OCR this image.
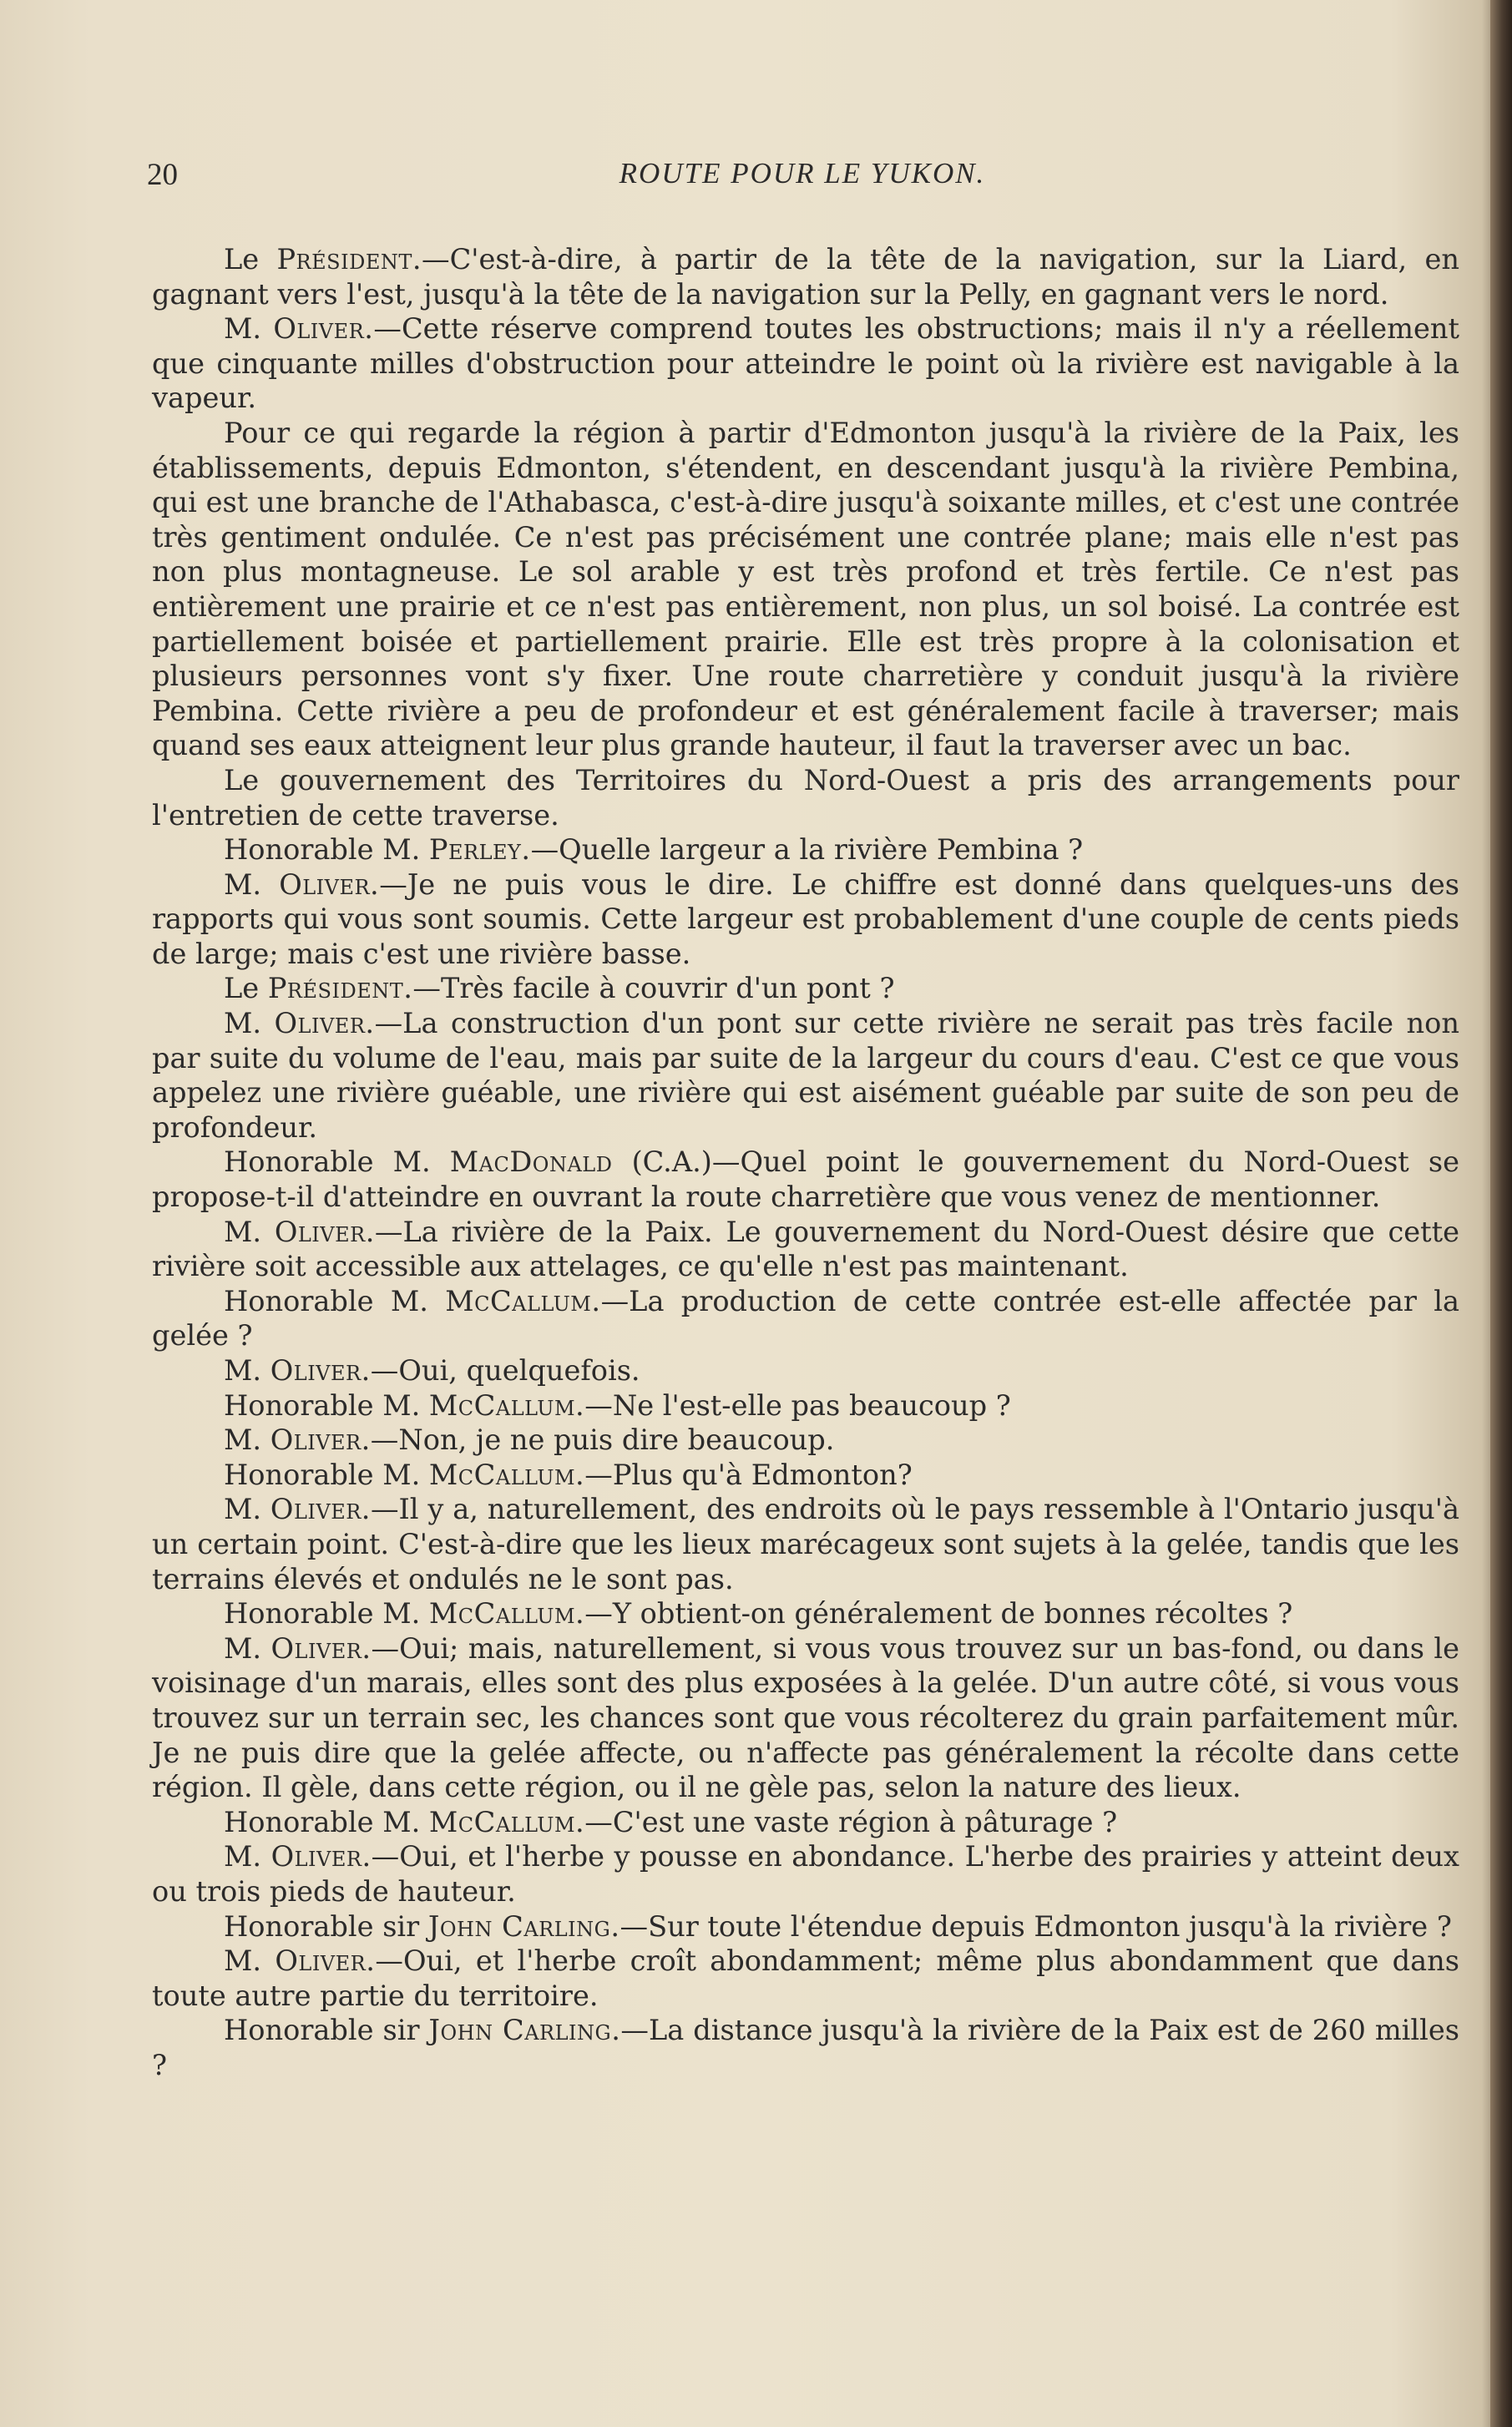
20	ROUTE POUR LE YUKON.

Le Président.—C'est-à-dire, à partir de la tête de la navigation, sur la Liard, en gagnant vers l'est, jusqu'à la tête de la navigation sur la Pelly, en gagnant vers le nord.

M. Oliver.—Cette réserve comprend toutes les obstructions; mais il n'y a réellement que cinquante milles d'obstruction pour atteindre le point où la rivière est navigable à la vapeur.

Pour ce qui regarde la région à partir d'Edmonton jusqu'à la rivière de la Paix, les établissements, depuis Edmonton, s'étendent, en descendant jusqu'à la rivière Pembina, qui est une branche de l'Athabasca, c'est-à-dire jusqu'à soixante milles, et c'est une contrée très gentiment ondulée. Ce n'est pas précisément une contrée plane; mais elle n'est pas non plus montagneuse. Le sol arable y est très profond et très fertile. Ce n'est pas entièrement une prairie et ce n'est pas entièrement, non plus, un sol boisé. La contrée est partiellement boisée et partiellement prairie. Elle est très propre à la colonisation et plusieurs personnes vont s'y fixer. Une route charretière y conduit jusqu'à la rivière Pembina. Cette rivière a peu de profondeur et est généralement facile à traverser; mais quand ses eaux atteignent leur plus grande hauteur, il faut la traverser avec un bac.

Le gouvernement des Territoires du Nord-Ouest a pris des arrangements pour l'entretien de cette traverse.

Honorable M. Perley.—Quelle largeur a la rivière Pembina ?

M. Oliver.—Je ne puis vous le dire. Le chiffre est donné dans quelques-uns des rapports qui vous sont soumis. Cette largeur est probablement d'une couple de cents pieds de large; mais c'est une rivière basse.

Le Président.—Très facile à couvrir d'un pont ?

M. Oliver.—La construction d'un pont sur cette rivière ne serait pas très facile non par suite du volume de l'eau, mais par suite de la largeur du cours d'eau. C'est ce que vous appelez une rivière guéable, une rivière qui est aisément guéable par suite de son peu de profondeur.

Honorable M. MacDonald (C.A.)—Quel point le gouvernement du Nord-Ouest se propose-t-il d'atteindre en ouvrant la route charretière que vous venez de mentionner.

M. Oliver.—La rivière de la Paix. Le gouvernement du Nord-Ouest désire que cette rivière soit accessible aux attelages, ce qu'elle n'est pas maintenant.

Honorable M. McCallum.—La production de cette contrée est-elle affectée par la gelée ?

M. Oliver.—Oui, quelquefois.

Honorable M. McCallum.—Ne l'est-elle pas beaucoup ?

M. Oliver.—Non, je ne puis dire beaucoup.

Honorable M. McCallum.—Plus qu'à Edmonton?

M. Oliver.—Il y a, naturellement, des endroits où le pays ressemble à l'Ontario jusqu'à un certain point. C'est-à-dire que les lieux marécageux sont sujets à la gelée, tandis que les terrains élevés et ondulés ne le sont pas.

Honorable M. McCallum.—Y obtient-on généralement de bonnes récoltes ?

M. Oliver.—Oui; mais, naturellement, si vous vous trouvez sur un bas-fond, ou dans le voisinage d'un marais, elles sont des plus exposées à la gelée. D'un autre côté, si vous vous trouvez sur un terrain sec, les chances sont que vous récolterez du grain parfaitement mûr. Je ne puis dire que la gelée affecte, ou n'affecte pas généralement la récolte dans cette région. Il gèle, dans cette région, ou il ne gèle pas, selon la nature des lieux.

Honorable M. McCallum.—C'est une vaste région à pâturage ?

M. Oliver.—Oui, et l'herbe y pousse en abondance. L'herbe des prairies y atteint deux ou trois pieds de hauteur.

Honorable sir John Carling.—Sur toute l'étendue depuis Edmonton jusqu'à la rivière ?

M. Oliver.—Oui, et l'herbe croît abondamment; même plus abondamment que dans toute autre partie du territoire.

Honorable sir John Carling.—La distance jusqu'à la rivière de la Paix est de 260 milles ?
